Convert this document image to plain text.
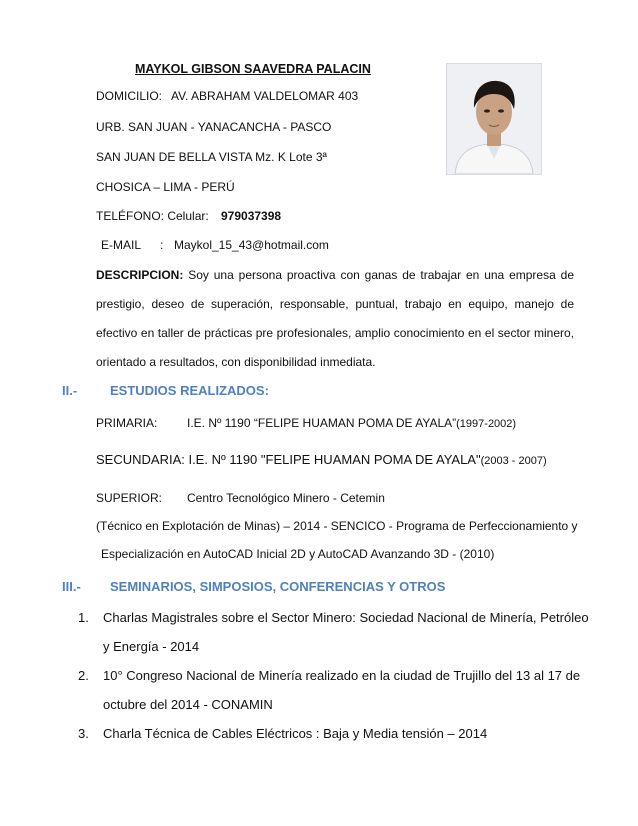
MAYKOL GIBSON SAAVEDRA PALACIN
DOMICILIO: AV. ABRAHAM VALDELOMAR 403
URB. SAN JUAN - YANACANCHA - PASCO
SAN JUAN DE BELLA VISTA Mz. K Lote 3ª
CHOSICA – LIMA - PERÚ
TELÉFONO: Celular: 979037398
E-MAIL : Maykol_15_43@hotmail.com
DESCRIPCION: Soy una persona proactiva con ganas de trabajar en una empresa de prestigio, deseo de superación, responsable, puntual, trabajo en equipo, manejo de efectivo en taller de prácticas pre profesionales, amplio conocimiento en el sector minero, orientado a resultados, con disponibilidad inmediata.
II.-	ESTUDIOS REALIZADOS:
PRIMARIA: I.E. Nº 1190 “FELIPE HUAMAN POMA DE AYALA”(1997-2002)
SECUNDARIA: I.E. Nº 1190 "FELIPE HUAMAN POMA DE AYALA"(2003 - 2007)
SUPERIOR: Centro Tecnológico Minero - Cetemin
(Técnico en Explotación de Minas) – 2014 - SENCICO - Programa de Perfeccionamiento y
Especialización en AutoCAD Inicial 2D y AutoCAD Avanzando 3D - (2010)
III.- SEMINARIOS, SIMPOSIOS, CONFERENCIAS Y OTROS
1. Charlas Magistrales sobre el Sector Minero: Sociedad Nacional de Minería, Petróleo
y Energía - 2014
2. 10° Congreso Nacional de Minería realizado en la ciudad de Trujillo del 13 al 17 de
octubre del 2014 - CONAMIN
3. Charla Técnica de Cables Eléctricos : Baja y Media tensión – 2014
